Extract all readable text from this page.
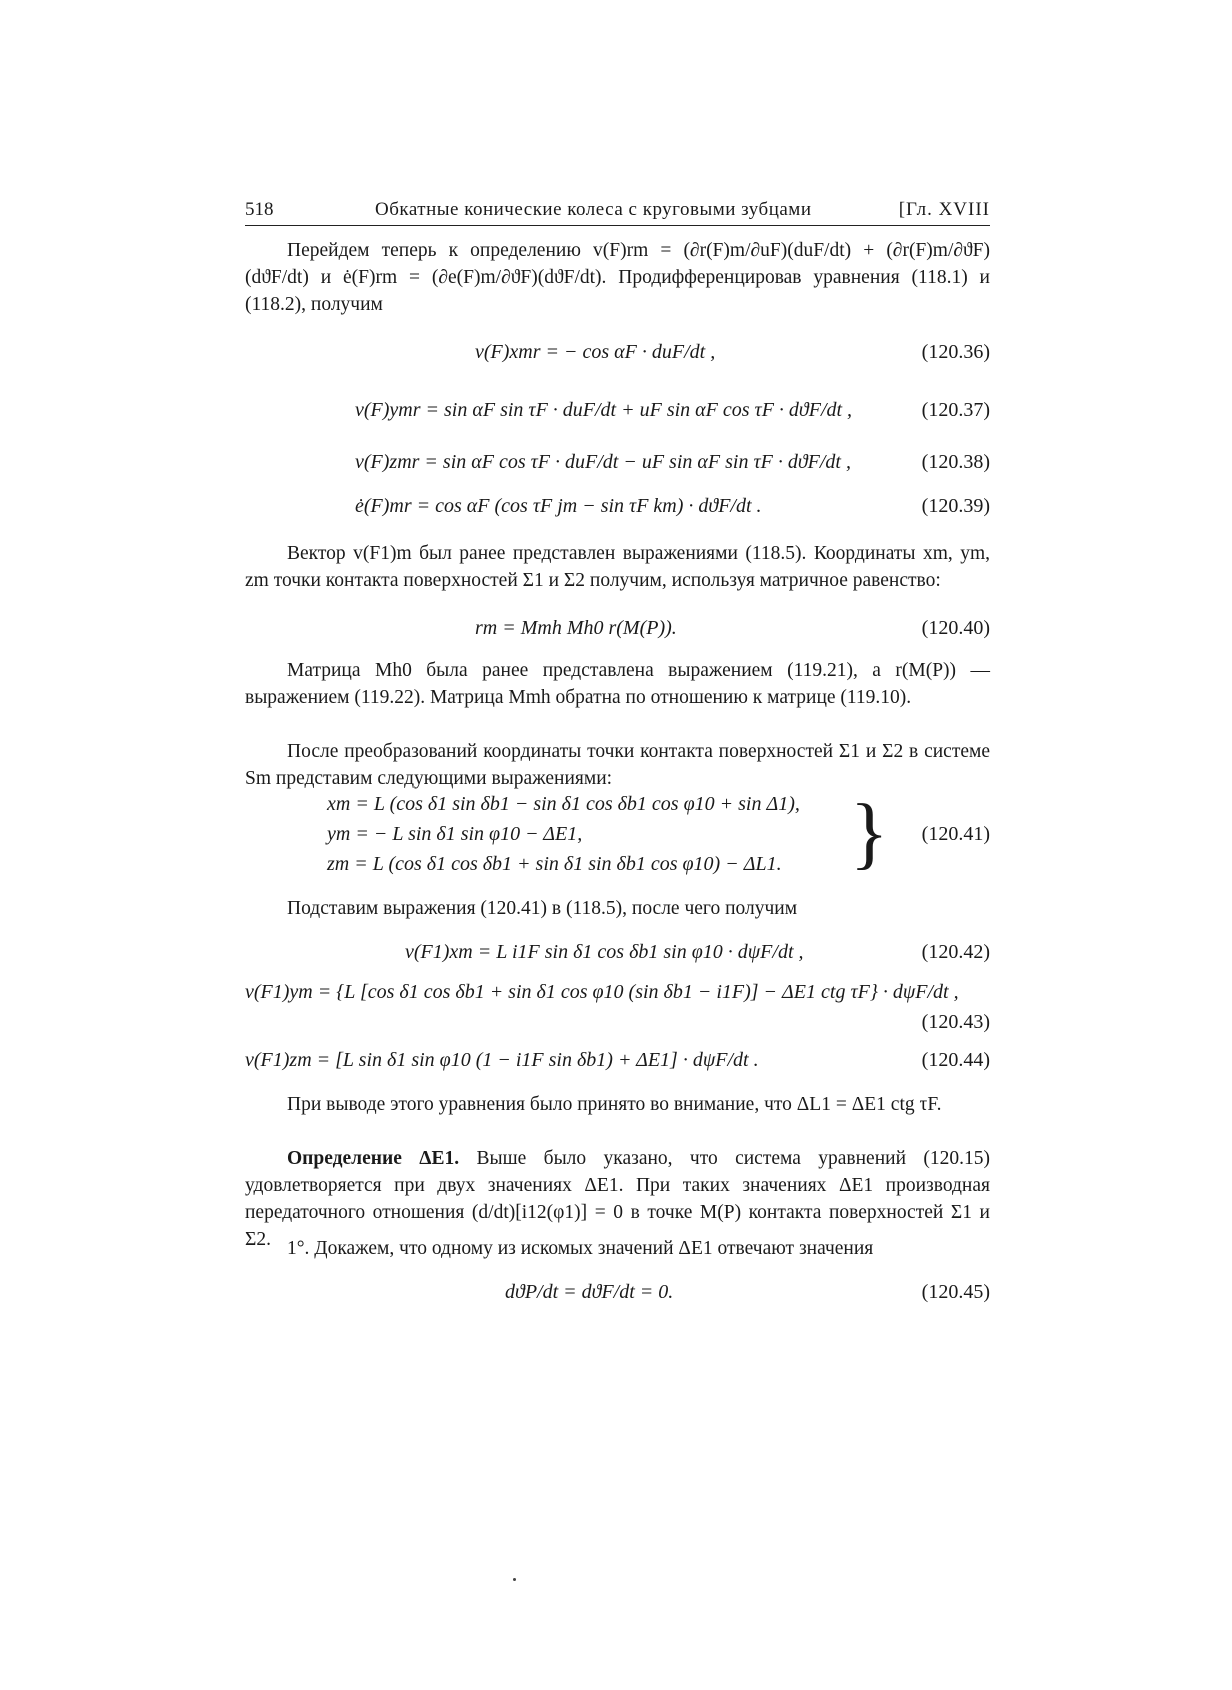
518	Обкатные конические колеса с круговыми зубцами	[Гл. XVIII
Перейдем теперь к определению v(F)rm = (∂r(F)m/∂uF)(duF/dt) + (∂r(F)m/∂ϑF)(dϑF/dt) и ė(F)rm = (∂e(F)m/∂ϑF)(dϑF/dt). Продифференцировав уравнения (118.1) и (118.2), получим
v(F)xmr = − cos αF · duF/dt ,	(120.36)
v(F)ymr = sin αF sin τF · duF/dt + uF sin αF cos τF · dϑF/dt ,	(120.37)
v(F)zmr = sin αF cos τF · duF/dt − uF sin αF sin τF · dϑF/dt ,	(120.38)
ė(F)mr = cos αF (cos τF jm − sin τF km) · dϑF/dt .	(120.39)
Вектор v(F1)m был ранее представлен выражениями (118.5). Координаты xm, ym, zm точки контакта поверхностей Σ1 и Σ2 получим, используя матричное равенство:
rm = Mmh Mh0 r(M(P)).	(120.40)
Матрица Mh0 была ранее представлена выражением (119.21), а r(M(P)) — выражением (119.22). Матрица Mmh обратна по отношению к матрице (119.10).
После преобразований координаты точки контакта поверхностей Σ1 и Σ2 в системе Sm представим следующими выражениями:
xm = L (cos δ1 sin δb1 − sin δ1 cos δb1 cos φ10 + sin Δ1),
ym = − L sin δ1 sin φ10 − ΔE1,
zm = L (cos δ1 cos δb1 + sin δ1 sin δb1 cos φ10) − ΔL1. } (120.41)
Подставим выражения (120.41) в (118.5), после чего получим
v(F1)xm = L i1F sin δ1 cos δb1 sin φ10 · dψF/dt ,	(120.42)
v(F1)ym = {L [cos δ1 cos δb1 + sin δ1 cos φ10 (sin δb1 − i1F)] − ΔE1 ctg τF} · dψF/dt ,
(120.43)
v(F1)zm = [L sin δ1 sin φ10 (1 − i1F sin δb1) + ΔE1] · dψF/dt .	(120.44)
При выводе этого уравнения было принято во внимание, что ΔL1 = ΔE1 ctg τF.
Определение ΔE1. Выше было указано, что система уравнений (120.15) удовлетворяется при двух значениях ΔE1. При таких значениях ΔE1 производная передаточного отношения (d/dt)[i12(φ1)] = 0 в точке M(P) контакта поверхностей Σ1 и Σ2. 1°. Докажем, что одному из искомых значений ΔE1 отвечают значения
dϑP/dt = dϑF/dt = 0.	(120.45)
